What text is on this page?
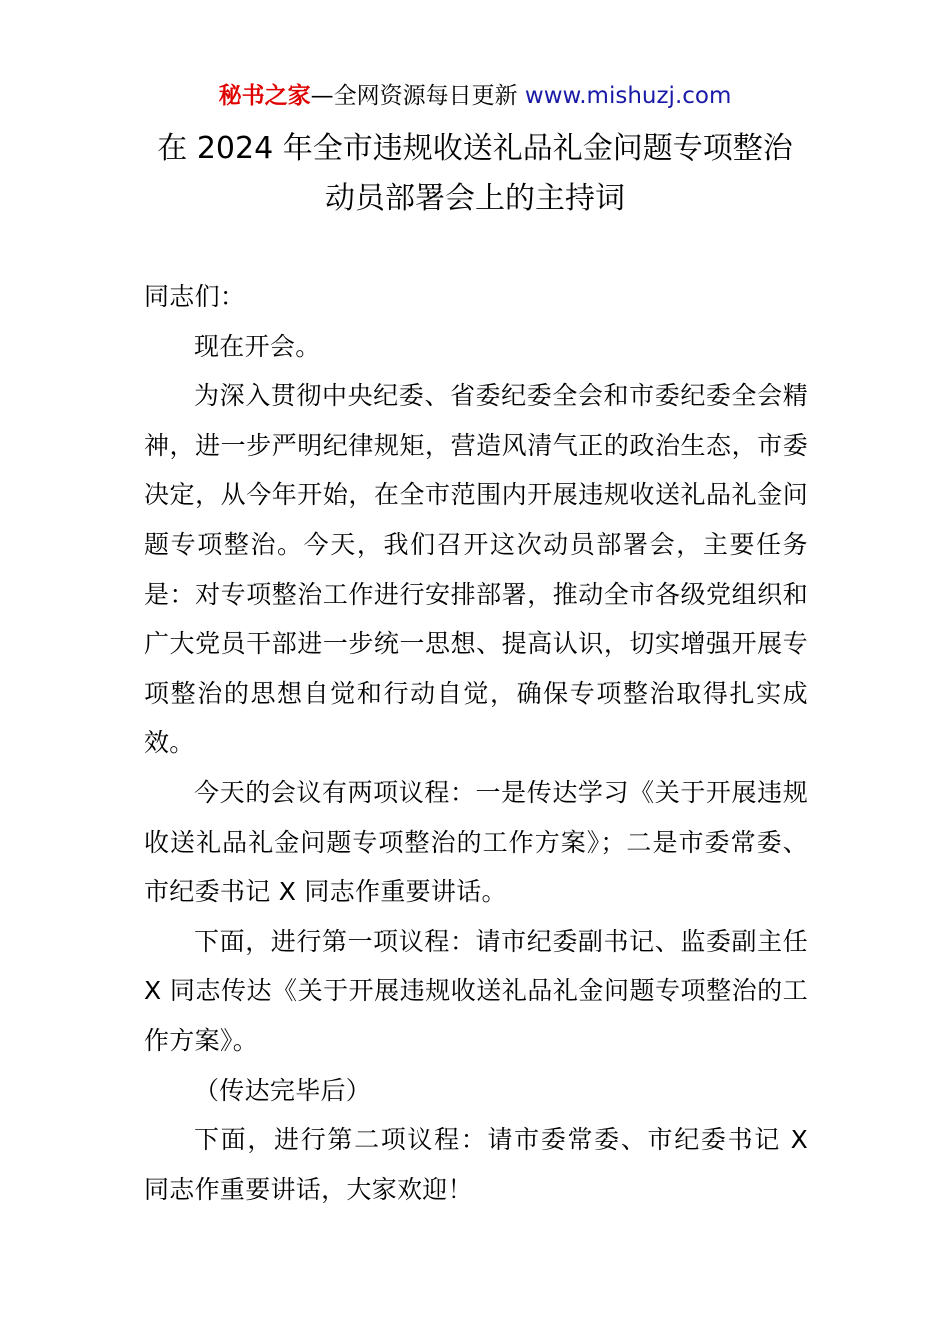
秘书之家—全网资源每日更新 www.mishuzj.com
在 2024 年全市违规收送礼品礼金问题专项整治
动员部署会上的主持词

同志们：

现在开会。

为深入贯彻中央纪委、省委纪委全会和市委纪委全会精神，进一步严明纪律规矩，营造风清气正的政治生态，市委决定，从今年开始，在全市范围内开展违规收送礼品礼金问题专项整治。今天，我们召开这次动员部署会，主要任务是：对专项整治工作进行安排部署，推动全市各级党组织和广大党员干部进一步统一思想、提高认识，切实增强开展专项整治的思想自觉和行动自觉，确保专项整治取得扎实成效。

今天的会议有两项议程：一是传达学习《关于开展违规收送礼品礼金问题专项整治的工作方案》；二是市委常委、市纪委书记 X 同志作重要讲话。

下面，进行第一项议程：请市纪委副书记、监委副主任 X 同志传达《关于开展违规收送礼品礼金问题专项整治的工作方案》。

（传达完毕后）

下面，进行第二项议程：请市委常委、市纪委书记 X 同志作重要讲话，大家欢迎！
